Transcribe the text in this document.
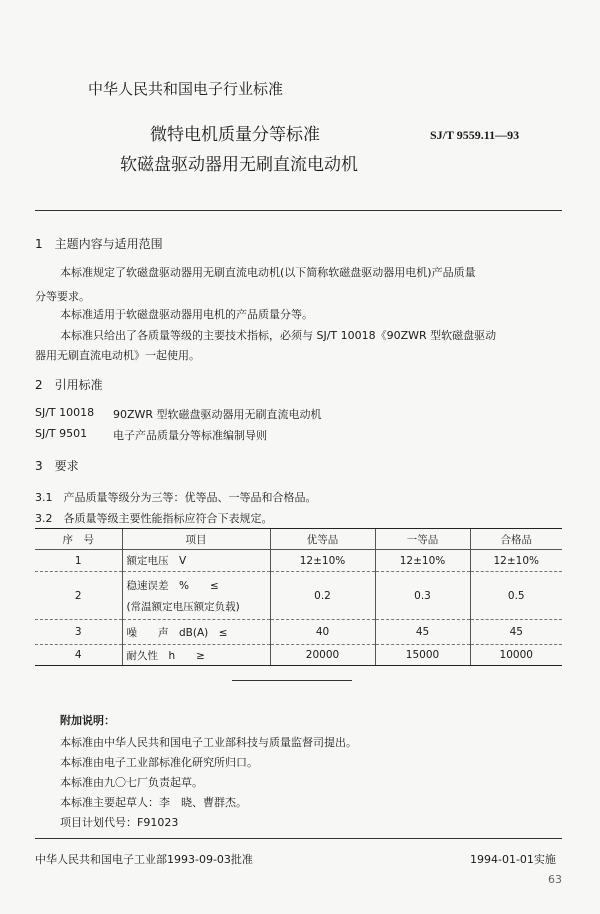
中华人民共和国电子行业标准
微特电机质量分等标准
软磁盘驱动器用无刷直流电动机
SJ/T 9559.11—93
1　主题内容与适用范围
本标准规定了软磁盘驱动器用无刷直流电动机(以下简称软磁盘驱动器用电机)产品质量
分等要求。
本标准适用于软磁盘驱动器用电机的产品质量分等。
本标准只给出了各质量等级的主要技术指标，必须与 SJ/T 10018《90ZWR 型软磁盘驱动
器用无刷直流电动机》一起使用。
2　引用标准
SJ/T 10018 90ZWR 型软磁盘驱动器用无刷直流电动机
SJ/T 9501 电子产品质量分等标准编制导则
3　要求
3.1　产品质量等级分为三等：优等品、一等品和合格品。
3.2　各质量等级主要性能指标应符合下表规定。
序　号	项目	优等品	一等品	合格品
1	额定电压　V	12±10%	12±10%	12±10%
2	稳速误差　%　　≤
(常温额定电压额定负载)	0.2	0.3	0.5
3	噪　　声　dB(A)　≤	40	45	45
4	耐久性　h　　≥	20000	15000	10000
附加说明：
本标准由中华人民共和国电子工业部科技与质量监督司提出。
本标准由电子工业部标准化研究所归口。
本标准由九〇七厂负责起草。
本标准主要起草人：李　晓、曹群杰。
项目计划代号：F91023
中华人民共和国电子工业部1993-09-03批准	1994-01-01实施
63
